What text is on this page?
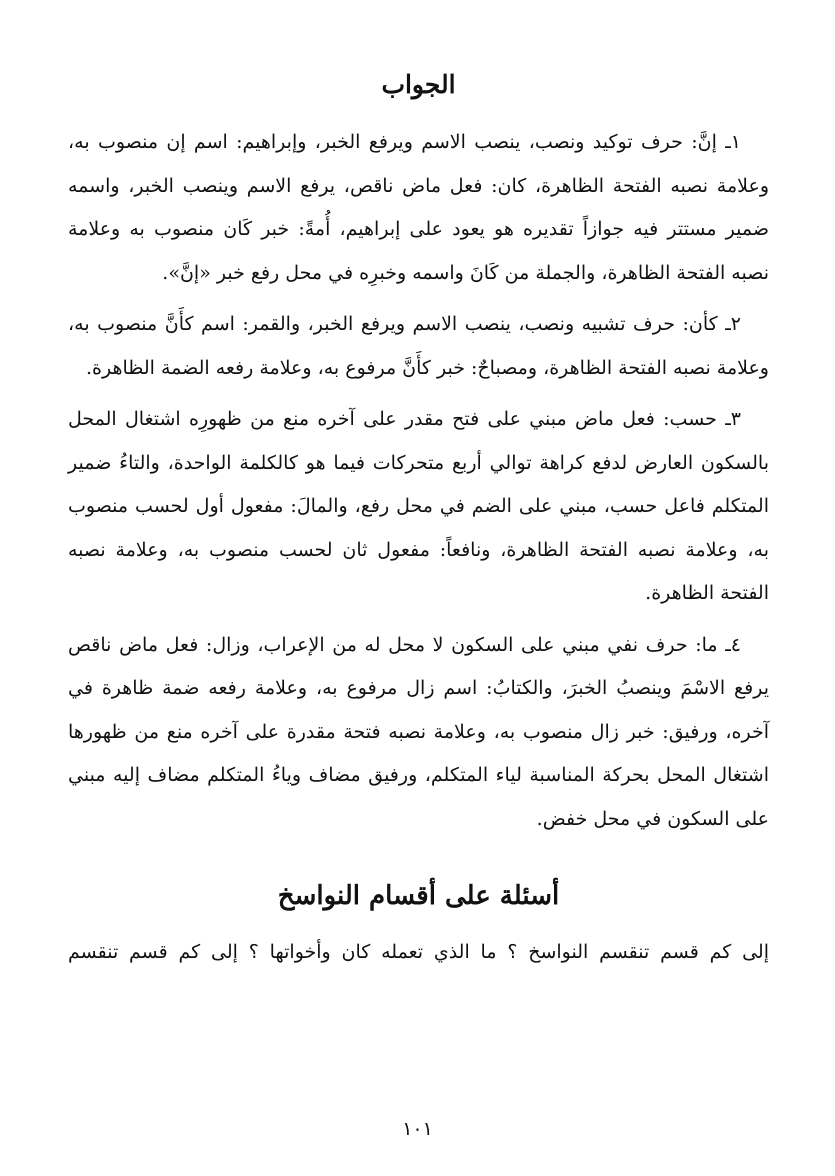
الجواب

١ـ إنَّ: حرف توكيد ونصب، ينصب الاسم ويرفع الخبر، وإبراهيم: اسم إن منصوب به، وعلامة نصبه الفتحة الظاهرة، كان: فعل ماض ناقص، يرفع الاسم وينصب الخبر، واسمه ضمير مستتر فيه جوازاً تقديره هو يعود على إبراهيم، أُمةً: خبر كَان منصوب به وعلامة نصبه الفتحة الظاهرة، والجملة من كَانَ واسمه وخبرِه في محل رفع خبر «إنَّ».

٢ـ كأن: حرف تشبيه ونصب، ينصب الاسم ويرفع الخبر، والقمر: اسم كأَنَّ منصوب به، وعلامة نصبه الفتحة الظاهرة، ومصباحٌ: خبر كأَنَّ مرفوع به، وعلامة رفعه الضمة الظاهرة.

٣ـ حسب: فعل ماض مبني على فتح مقدر على آخره منع من ظهورِه اشتغال المحل بالسكون العارض لدفع كراهة توالي أربع متحركات فيما هو كالكلمة الواحدة، والتاءُ ضمير المتكلم فاعل حسب، مبني على الضم في محل رفع، والمالَ: مفعول أول لحسب منصوب به، وعلامة نصبه الفتحة الظاهرة، ونافعاً: مفعول ثان لحسب منصوب به، وعلامة نصبه الفتحة الظاهرة.

٤ـ ما: حرف نفي مبني على السكون لا محل له من الإعراب، وزال: فعل ماض ناقص يرفع الاسْمَ وينصبُ الخبرَ، والكتابُ: اسم زال مرفوع به، وعلامة رفعه ضمة ظاهرة في آخره، ورفيق: خبر زال منصوب به، وعلامة نصبه فتحة مقدرة على آخره منع من ظهورها اشتغال المحل بحركة المناسبة لياء المتكلم، ورفيق مضاف وياءُ المتكلم مضاف إليه مبني على السكون في محل خفض.

أسئلة على أقسام النواسخ

إلى كم قسم تنقسم النواسخ ؟ ما الذي تعمله كان وأخواتها ؟ إلى كم قسم تنقسم

١٠١
